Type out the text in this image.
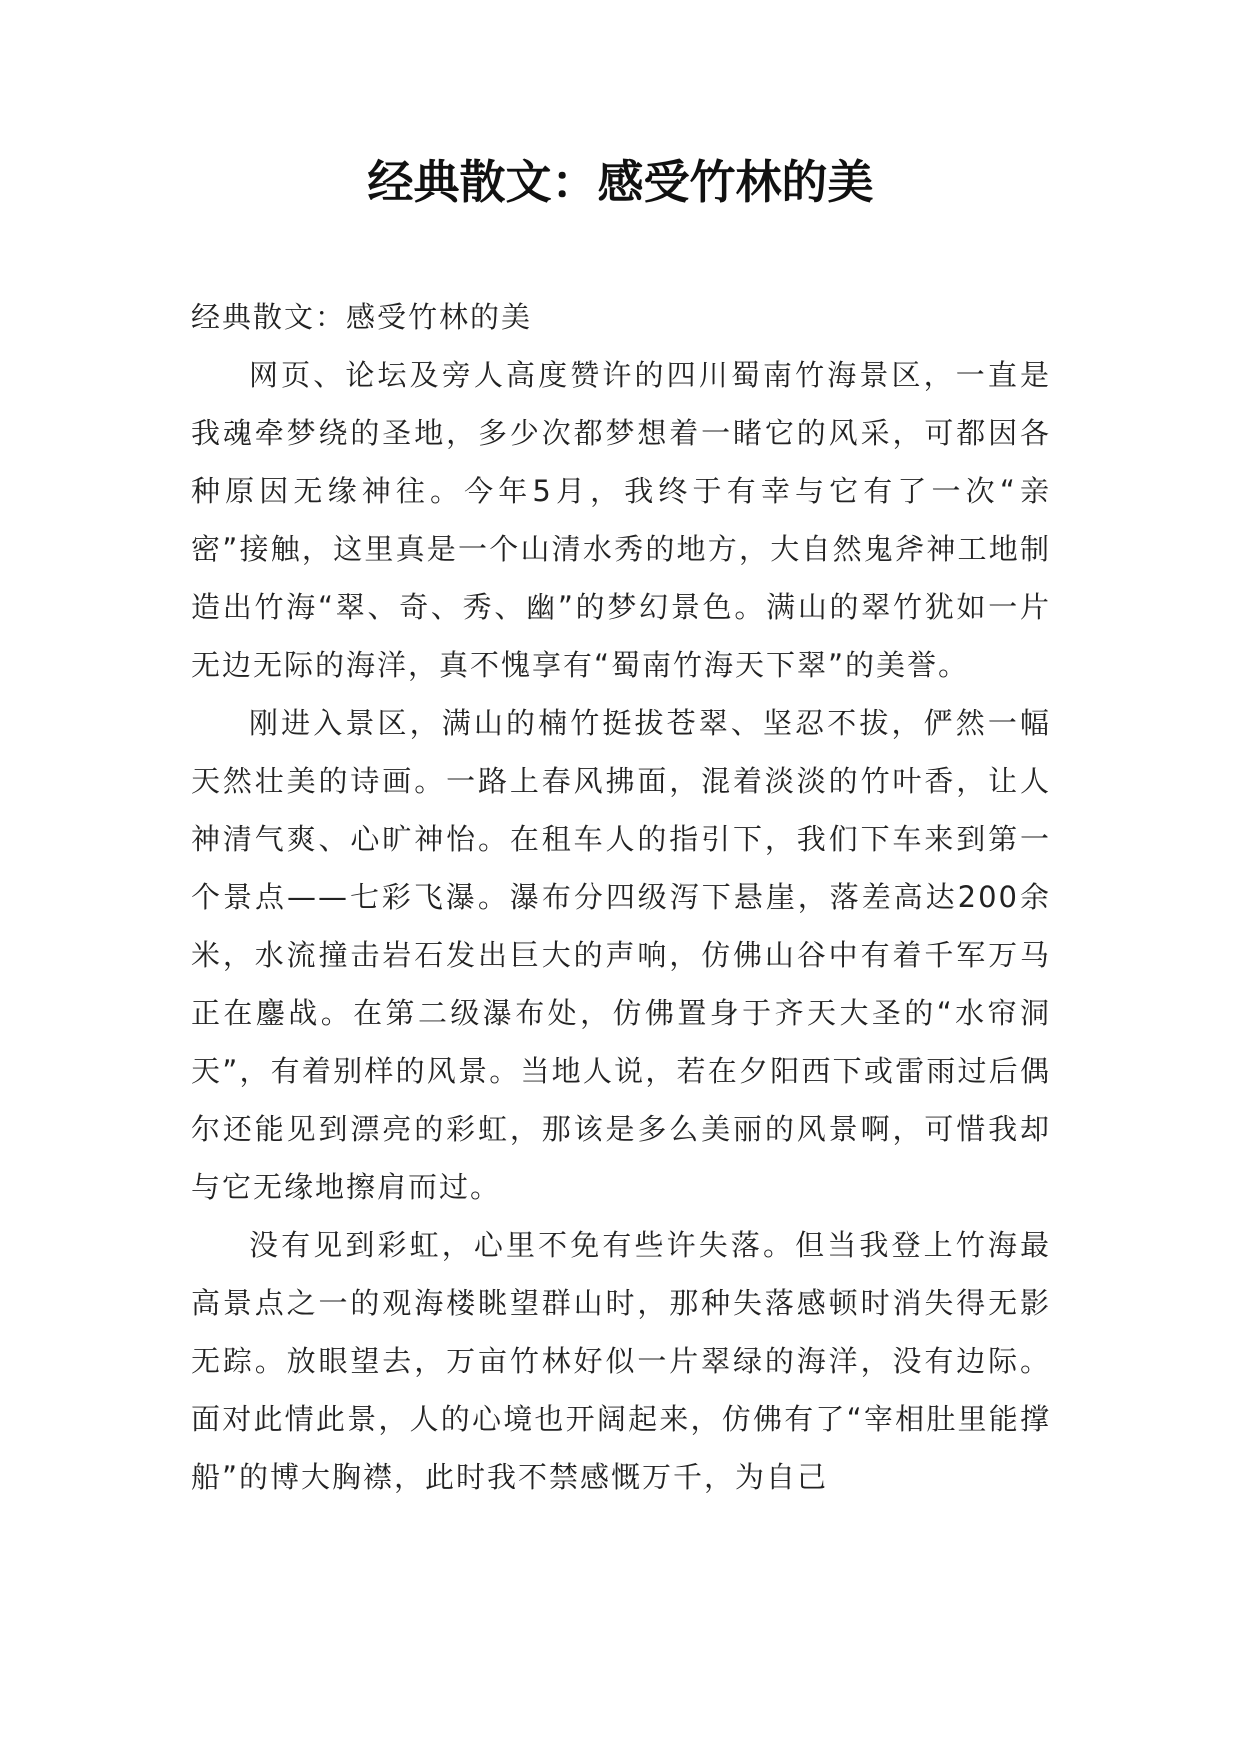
经典散文：感受竹林的美

经典散文：感受竹林的美

网页、论坛及旁人高度赞许的四川蜀南竹海景区，一直是我魂牵梦绕的圣地，多少次都梦想着一睹它的风采，可都因各种原因无缘神往。今年5月，我终于有幸与它有了一次“亲密”接触，这里真是一个山清水秀的地方，大自然鬼斧神工地制造出竹海“翠、奇、秀、幽”的梦幻景色。满山的翠竹犹如一片无边无际的海洋，真不愧享有“蜀南竹海天下翠”的美誉。

刚进入景区，满山的楠竹挺拔苍翠、坚忍不拔，俨然一幅天然壮美的诗画。一路上春风拂面，混着淡淡的竹叶香，让人神清气爽、心旷神怡。在租车人的指引下，我们下车来到第一个景点——七彩飞瀑。瀑布分四级泻下悬崖，落差高达200余米，水流撞击岩石发出巨大的声响，仿佛山谷中有着千军万马正在鏖战。在第二级瀑布处，仿佛置身于齐天大圣的“水帘洞天”，有着别样的风景。当地人说，若在夕阳西下或雷雨过后偶尔还能见到漂亮的彩虹，那该是多么美丽的风景啊，可惜我却与它无缘地擦肩而过。

没有见到彩虹，心里不免有些许失落。但当我登上竹海最高景点之一的观海楼眺望群山时，那种失落感顿时消失得无影无踪。放眼望去，万亩竹林好似一片翠绿的海洋，没有边际。面对此情此景，人的心境也开阔起来，仿佛有了“宰相肚里能撑船”的博大胸襟，此时我不禁感慨万千，为自己
